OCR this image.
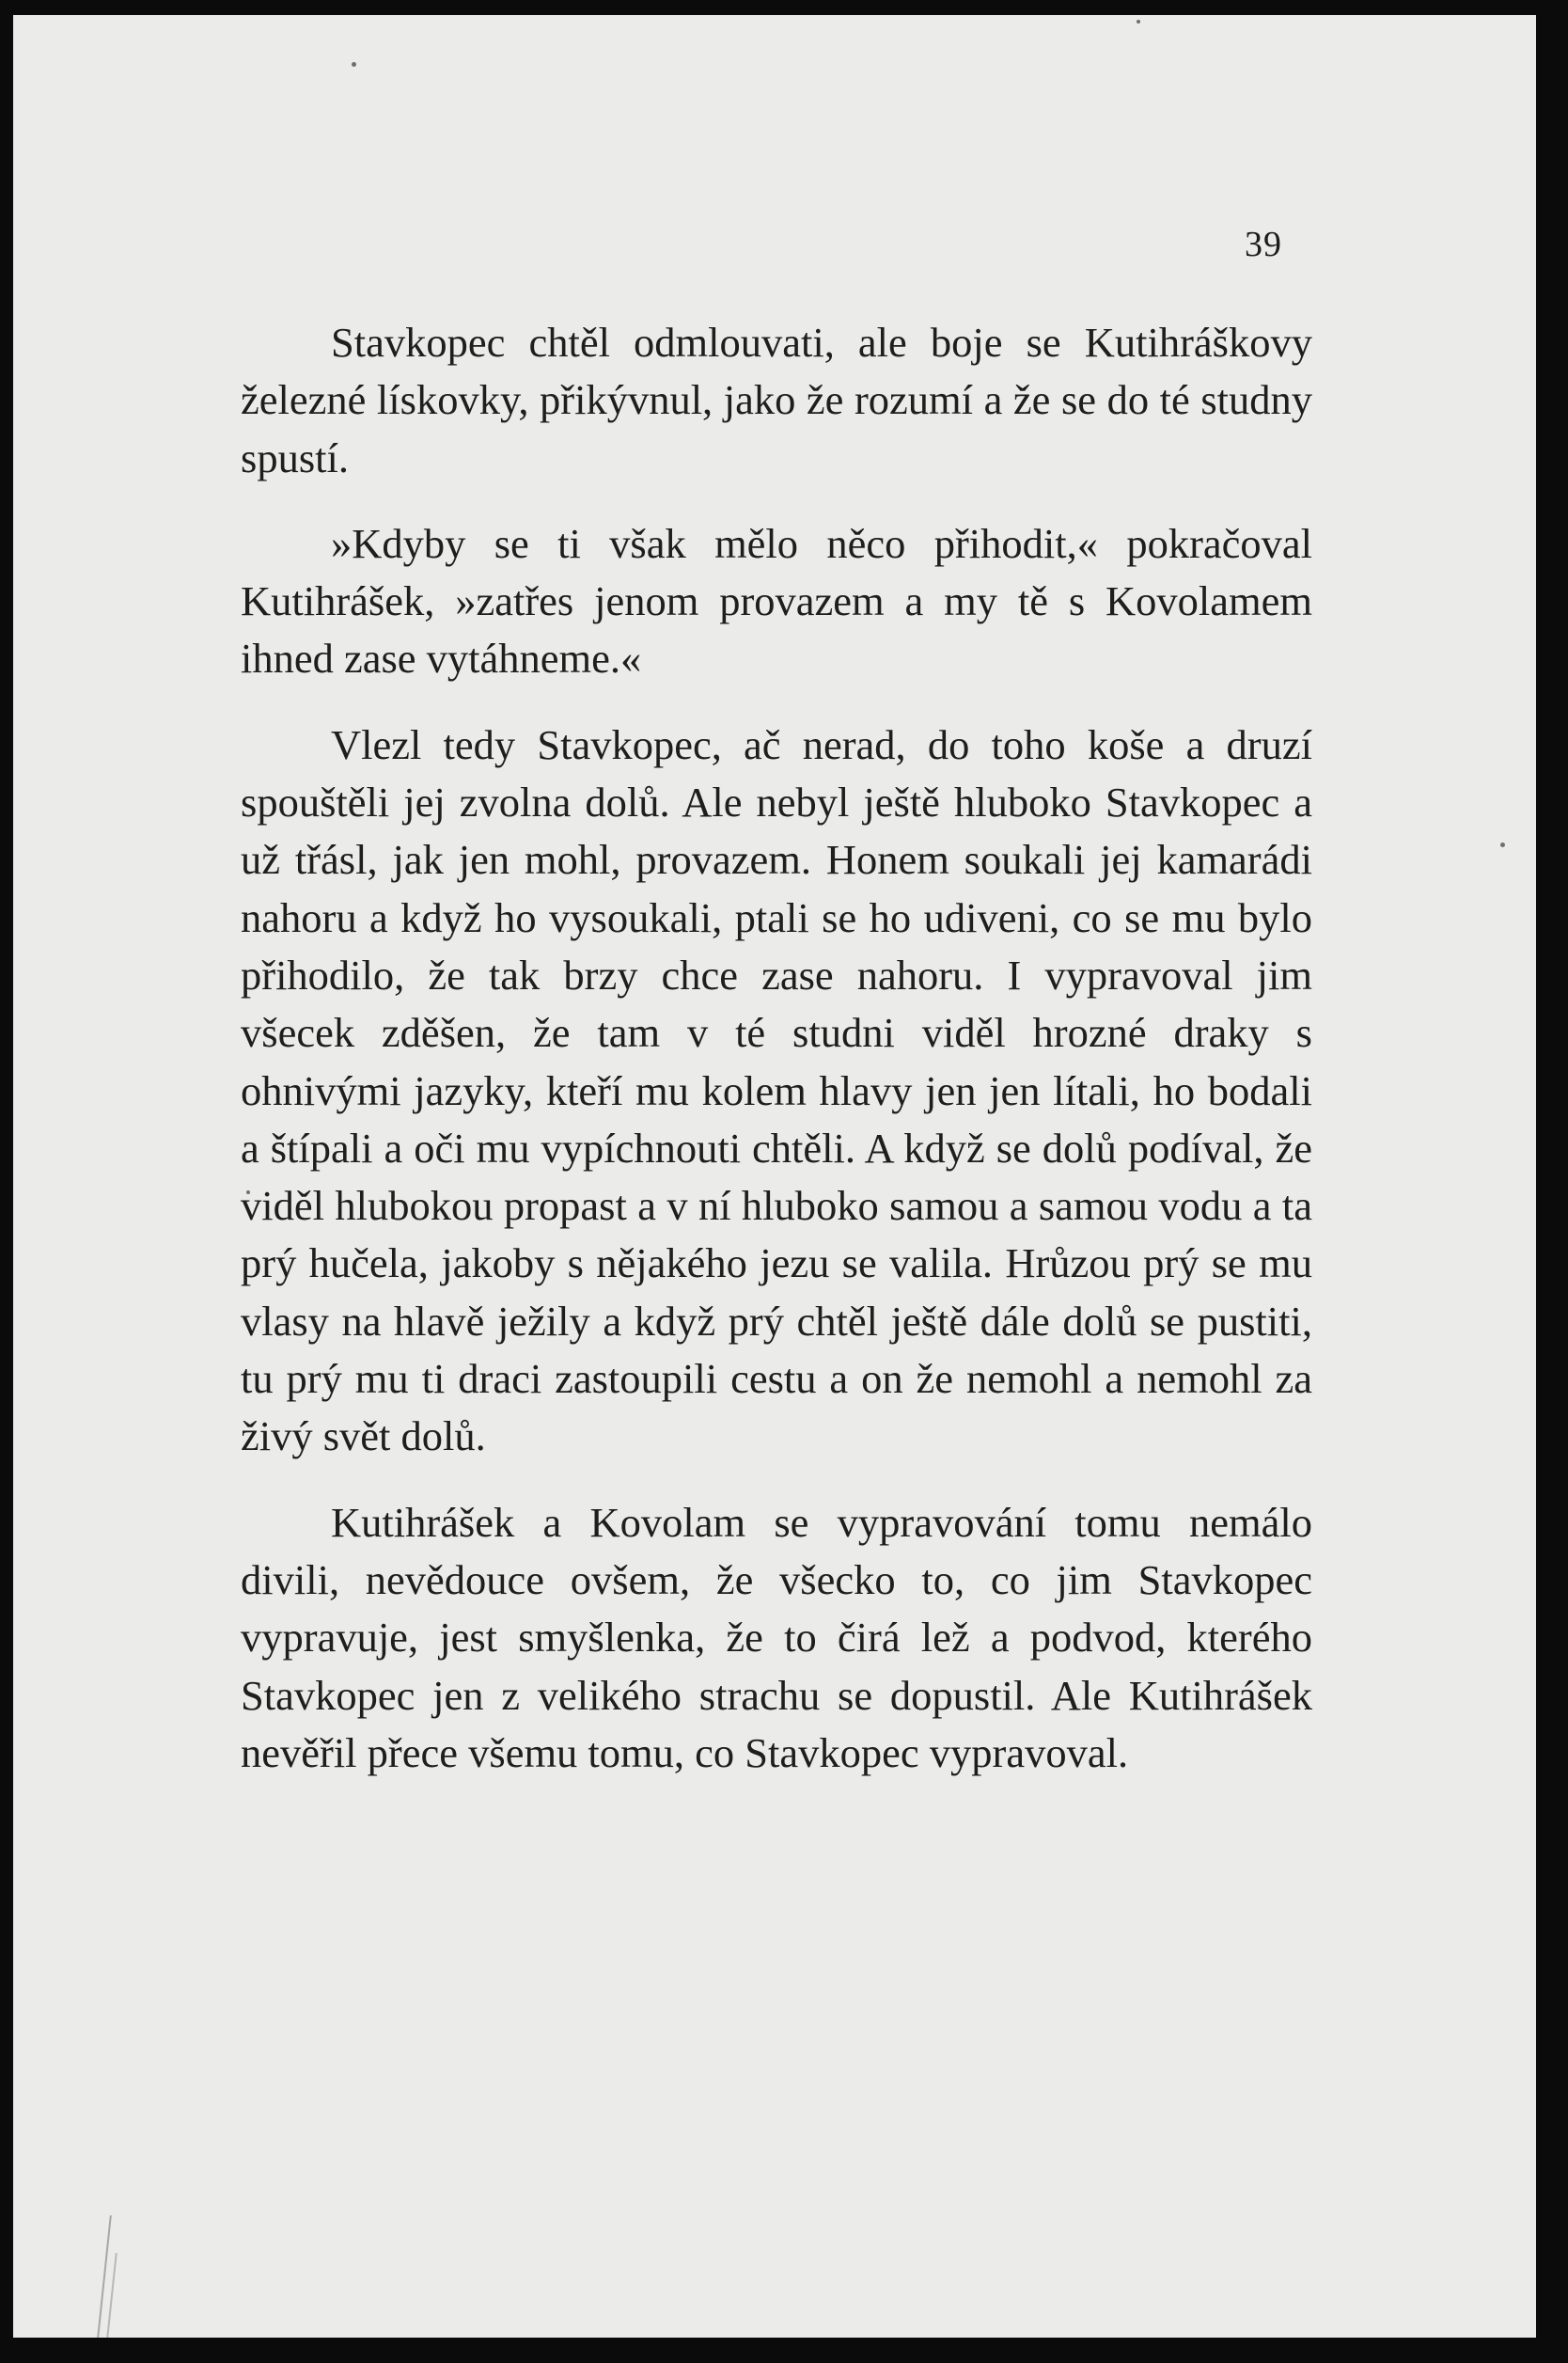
39

Stavkopec chtěl odmlouvati, ale boje se Kutihráškovy železné lískovky, přikývnul, jako že rozumí a že se do té studny spustí.

»Kdyby se ti však mělo něco přihodit,« pokračoval Kutihrášek, »zatřes jenom provazem a my tě s Kovolamem ihned zase vytáhneme.«

Vlezl tedy Stavkopec, ač nerad, do toho koše a druzí spouštěli jej zvolna dolů. Ale nebyl ještě hluboko Stavkopec a už třásl, jak jen mohl, provazem. Honem soukali jej kamarádi nahoru a když ho vysoukali, ptali se ho udiveni, co se mu bylo přihodilo, že tak brzy chce zase nahoru. I vypravoval jim všecek zděšen, že tam v té studni viděl hrozné draky s ohnivými jazyky, kteří mu kolem hlavy jen jen lítali, ho bodali a štípali a oči mu vypíchnouti chtěli. A když se dolů podíval, že viděl hlubokou propast a v ní hluboko samou a samou vodu a ta prý hučela, jakoby s nějakého jezu se valila. Hrůzou prý se mu vlasy na hlavě ježily a když prý chtěl ještě dále dolů se pustiti, tu prý mu ti draci zastoupili cestu a on že nemohl a nemohl za živý svět dolů.

Kutihrášek a Kovolam se vypravování tomu nemálo divili, nevědouce ovšem, že všecko to, co jim Stavkopec vypravuje, jest smyšlenka, že to čirá lež a podvod, kterého Stavkopec jen z velikého strachu se dopustil. Ale Kutihrášek nevěřil přece všemu tomu, co Stavkopec vypravoval.
